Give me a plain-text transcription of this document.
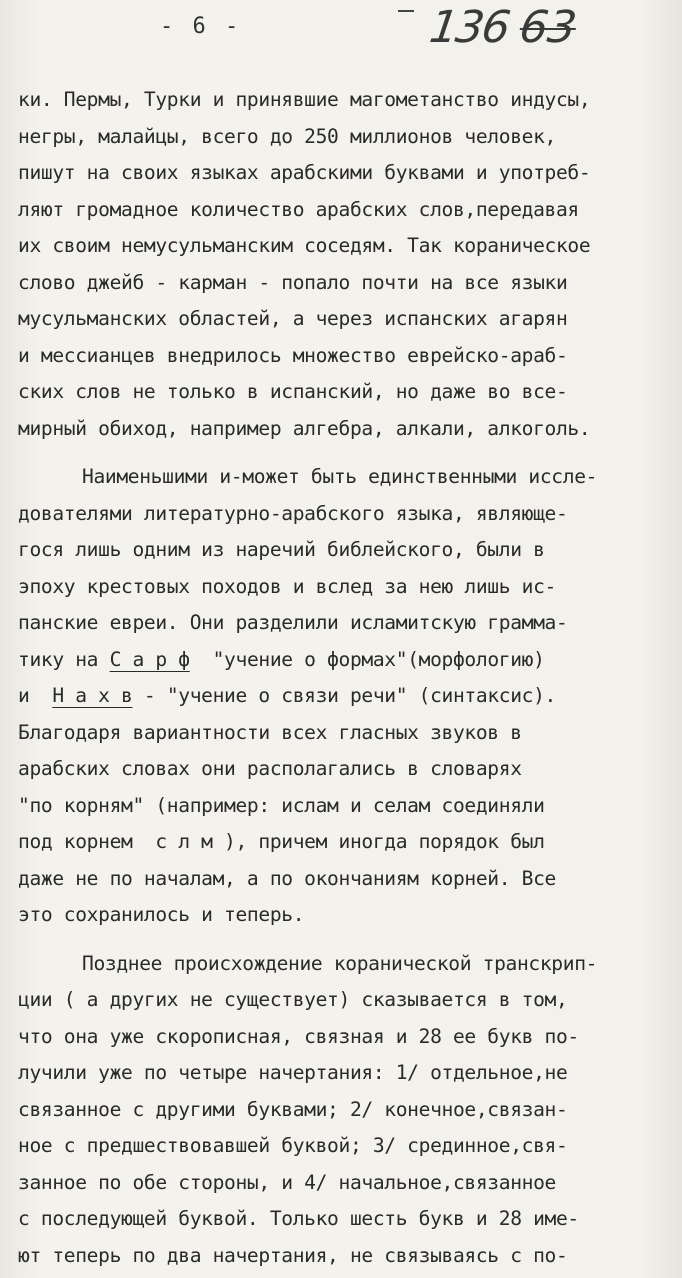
- 6 -	136 63
ки. Пермы, Турки и принявшие магометанство индусы,
негры, малайцы, всего до 250 миллионов человек,
пишут на своих языках арабскими буквами и употреб-
ляют громадное количество арабских слов,передавая
их своим немусульманским соседям. Так кораническое
слово джейб - карман - попало почти на все языки
мусульманских областей, а через испанских агарян
и мессианцев внедрилось множество еврейско-араб-
ских слов не только в испанский, но даже во все-
мирный обиход, например алгебра, алкали, алкоголь.
Наименьшими и-может быть единственными иссле-
дователями литературно-арабского языка, являюще-
гося лишь одним из наречий библейского, были в
эпоху крестовых походов и вслед за нею лишь ис-
панские евреи. Они разделили исламитскую грамма-
тику на С а р ф  "учение о формах"(морфологию)
и  Н а х в - "учение о связи речи" (синтаксис).
Благодаря вариантности всех гласных звуков в
арабских словах они располагались в словарях
"по корням" (например: ислам и селам соединяли
под корнем  с л м ), причем иногда порядок был
даже не по началам, а по окончаниям корней. Все
это сохранилось и теперь.
Позднее происхождение коранической транскрип-
ции ( а других не существует) сказывается в том,
что она уже скорописная, связная и 28 ее букв по-
лучили уже по четыре начертания: 1/ отдельное,не
связанное с другими буквами; 2/ конечное,связан-
ное с предшествовавшей буквой; 3/ срединное,свя-
занное по обе стороны, и 4/ начальное,связанное
с последующей буквой. Только шесть букв и 28 име-
ют теперь по два начертания, не связываясь с по-
